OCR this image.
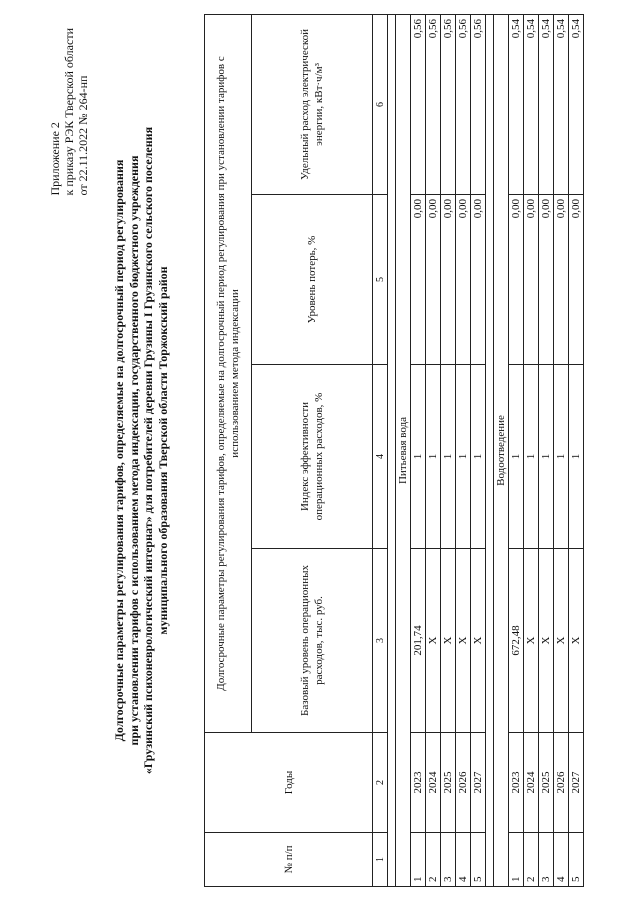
Приложение 2 к приказу РЭК Тверской области от 22.11.2022 № 264-нп
Долгосрочные параметры регулирования тарифов, определяемые на долгосрочный период регулирования при установлении тарифов с использованием метода индексации, государственного бюджетного учреждения «Грузинский психоневрологический интернат» для потребителей деревни Грузины I Грузинского сельского поселения муниципального образования Тверской области Торжокский район
№ п/п	Годы	Долгосрочные параметры регулирования тарифов, определяемые на долгосрочный период регулирования при установлении тарифов с использованием метода индексации			
		Базовый уровень операционных расходов, тыс. руб.	Индекс эффективности операционных расходов, %	Уровень потерь, %	Удельный расход электрической энергии, кВт·ч/м³
1	2	3	4	5	6

Питьевая вода					
1	2023	201,74	1	0,00	0,56
2	2024	Х	1	0,00	0,56
3	2025	Х	1	0,00	0,56
4	2026	Х	1	0,00	0,56
5	2027	Х	1	0,00	0,56

Водоотведение					
1	2023	672,48	1	0,00	0,54
2	2024	Х	1	0,00	0,54
3	2025	Х	1	0,00	0,54
4	2026	Х	1	0,00	0,54
5	2027	Х	1	0,00	0,54
